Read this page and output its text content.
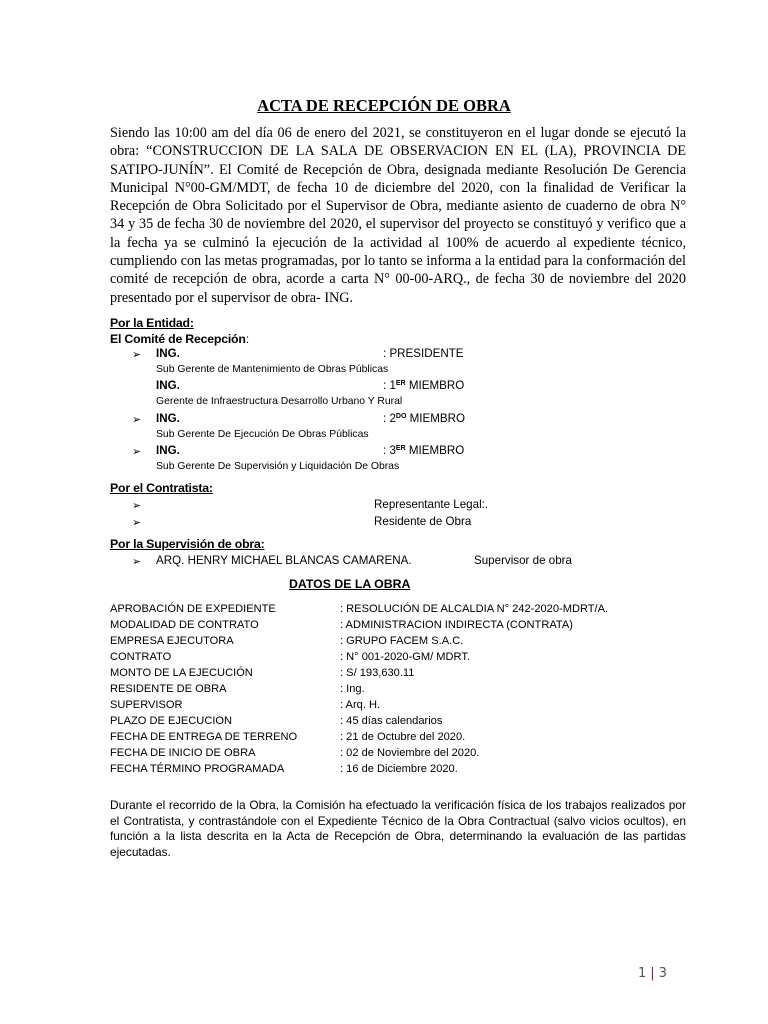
ACTA DE RECEPCIÓN DE OBRA

Siendo las 10:00 am del día 06 de enero del 2021, se constituyeron en el lugar donde se ejecutó la obra: “CONSTRUCCION DE LA SALA DE OBSERVACION EN EL (LA), PROVINCIA DE SATIPO-JUNÍN”. El Comité de Recepción de Obra, designada mediante Resolución De Gerencia Municipal N°00-GM/MDT, de fecha 10 de diciembre del 2020, con la finalidad de Verificar la Recepción de Obra Solicitado por el Supervisor de Obra, mediante asiento de cuaderno de obra N° 34 y 35 de fecha 30 de noviembre del 2020, el supervisor del proyecto se constituyó y verifico que a la fecha ya se culminó la ejecución de la actividad al 100% de acuerdo al expediente técnico, cumpliendo con las metas programadas, por lo tanto se informa a la entidad para la conformación del comité de recepción de obra, acorde a carta N° 00-00-ARQ., de fecha 30 de noviembre del 2020 presentado por el supervisor de obra- ING.

Por la Entidad:
El Comité de Recepción:
➢ ING.	: PRESIDENTE
Sub Gerente de Mantenimiento de Obras Públicas
ING.	: 1ER MIEMBRO
Gerente de Infraestructura Desarrollo Urbano Y Rural
➢ ING.	: $2^{DO}$ MIEMBRO
Sub Gerente De Ejecución De Obras Públicas
➢ ING.	: 3ER MIEMBRO
Sub Gerente De Supervisión y Liquidación De Obras
Por el Contratista:
➢	Representante Legal:.
➢	Residente de Obra
Por la Supervisión de obra:
➢ ARQ. HENRY MICHAEL BLANCAS CAMARENA.	Supervisor de obra
DATOS DE LA OBRA
APROBACIÓN DE EXPEDIENTE	: RESOLUCIÓN DE ALCALDIA N° 242-2020-MDRT/A.
MODALIDAD DE CONTRATO	: ADMINISTRACION INDIRECTA (CONTRATA)
EMPRESA EJECUTORA	: GRUPO FACEM S.A.C.
CONTRATO	: N° 001-2020-GM/ MDRT.
MONTO DE LA EJECUCIÓN	: S/ 193,630.11
RESIDENTE DE OBRA	: Ing.
SUPERVISOR	: Arq. H.
PLAZO DE EJECUCION	: 45 días calendarios
FECHA DE ENTREGA DE TERRENO	: 21 de Octubre del 2020.
FECHA DE INICIO DE OBRA	: 02 de Noviembre del 2020.
FECHA TÉRMINO PROGRAMADA	: 16 de Diciembre 2020.

Durante el recorrido de la Obra, la Comisión ha efectuado la verificación física de los trabajos realizados por el Contratista, y contrastándole con el Expediente Técnico de la Obra Contractual (salvo vicios ocultos), en función a la lista descrita en la Acta de Recepción de Obra, determinando la evaluación de las partidas ejecutadas.

1 | 3
